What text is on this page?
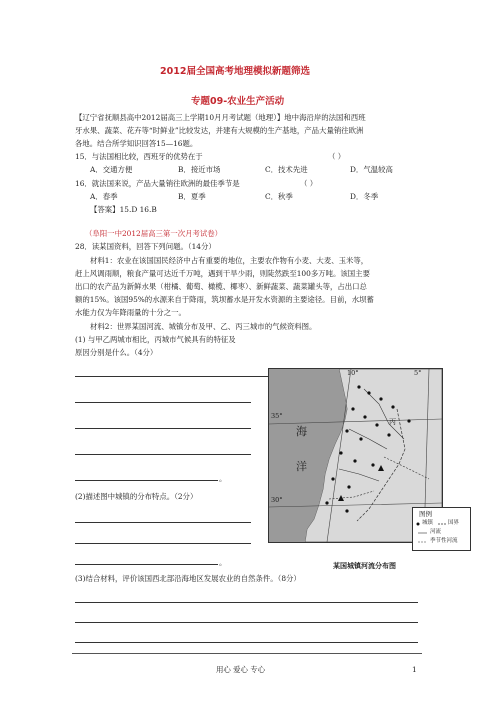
2012届全国高考地理模拟新题筛选
专题09-农业生产活动
【辽宁省抚顺县高中2012届高三上学期10月月考试题（地理）】地中海沿岸的法国和西班
牙水果、蔬菜、花卉等“时鲜业”比较发达，并建有大规模的生产基地，产品大量销往欧洲
各地。结合所学知识回答15—16题。
15．与法国相比较，西班牙的优势在于	（ ）
A．交通方便	B．接近市场	C．技术先进	D．气温较高
16．就法国来说，产品大量销往欧洲的最佳季节是	（ ）
A．春季	B．夏季	C．秋季	D．冬季
【答案】15.D 16.B
（阜阳一中2012届高三第一次月考试卷）
28．读某国资料，回答下列问题。（14分）
材料1：农业在该国国民经济中占有重要的地位，主要农作物有小麦、大麦、玉米等，
赶上风调雨顺，粮食产量可达近千万吨，遇到干旱少雨，则陡然跌至100多万吨。该国主要
出口的农产品为新鲜水果（柑橘、葡萄、橄榄、椰枣）、新鲜蔬菜、蔬菜罐头等，占出口总
额的15%。该国95%的水源来自于降雨，筑坝蓄水是开发水资源的主要途径。目前，水坝蓄
水能力仅为年降雨量的十分之一。
材料2：世界某国河流、城镇分布及甲、乙、丙三城市的气候资料图。
(1) 与甲乙两城市相比，丙城市气候具有的特征及
原因分别是什么。（4分）
。
(2)描述图中城镇的分布特点。（2分）
。
10°	5°
35°
30°
海
洋
丙
图例
城镇	国界
河流
季节性河流
某国城镇河流分布图
(3)结合材料，评价该国西北部沿海地区发展农业的自然条件。（8分）
用心 爱心 专心	1
